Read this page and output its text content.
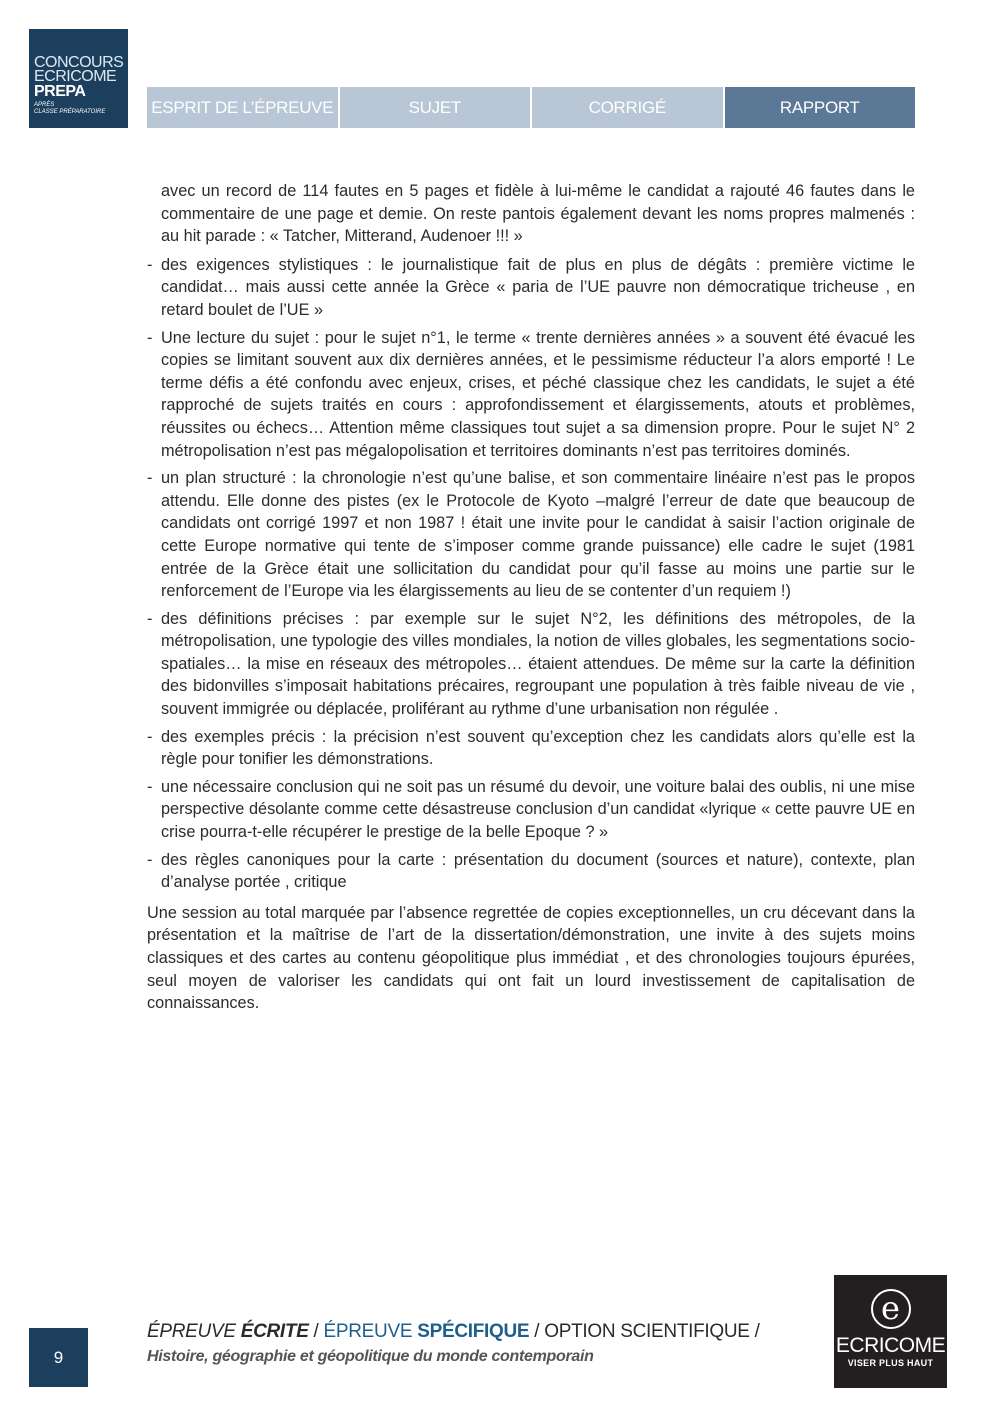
CONCOURS
ECRICOME
PREPA
APRÈS
CLASSE PRÉPARATOIRE	ESPRIT DE L’ÉPREUVE	SUJET	CORRIGÉ	RAPPORT

avec un record de 114 fautes en 5 pages et fidèle à lui-même le candidat a rajouté 46 fautes dans le commentaire de une page et demie. On reste pantois également devant les noms propres malmenés : au hit parade : « Tatcher, Mitterand, Audenoer !!! »

- des exigences stylistiques : le journalistique fait de plus en plus de dégâts : première victime le candidat… mais aussi cette année la Grèce « paria de l’UE pauvre non démocratique tricheuse , en retard boulet de l’UE »
- Une lecture du sujet : pour le sujet n°1, le terme « trente dernières années » a souvent été évacué les copies se limitant souvent aux dix dernières années, et le pessimisme réducteur l’a alors emporté ! Le terme défis a été confondu avec enjeux, crises, et péché classique chez les candidats, le sujet a été rapproché de sujets traités en cours : approfondissement et élargissements, atouts et problèmes, réussites ou échecs… Attention même classiques tout sujet a sa dimension propre. Pour le sujet N° 2 métropolisation n’est pas mégalopolisation et territoires dominants n’est pas territoires dominés.
- un plan structuré : la chronologie n’est qu’une balise, et son commentaire linéaire n’est pas le propos attendu. Elle donne des pistes (ex le Protocole de Kyoto –malgré l’erreur de date que beaucoup de candidats ont corrigé 1997 et non 1987 ! était une invite pour le candidat à saisir l’action originale de cette Europe normative qui tente de s’imposer comme grande puissance) elle cadre le sujet (1981 entrée de la Grèce était une sollicitation du candidat pour qu’il fasse au moins une partie sur le renforcement de l’Europe via les élargissements au lieu de se contenter d’un requiem !)
- des définitions précises : par exemple sur le sujet N°2, les définitions des métropoles, de la métropolisation, une typologie des villes mondiales, la notion de villes globales, les segmentations socio-spatiales… la mise en réseaux des métropoles… étaient attendues. De même sur la carte la définition des bidonvilles s’imposait habitations précaires, regroupant une population à très faible niveau de vie , souvent immigrée ou déplacée, proliférant au rythme d’une urbanisation non régulée .
- des exemples précis : la précision n’est souvent qu’exception chez les candidats alors qu’elle est la règle pour tonifier les démonstrations.
- une nécessaire conclusion qui ne soit pas un résumé du devoir, une voiture balai des oublis, ni une mise perspective désolante comme cette désastreuse conclusion d’un candidat «lyrique « cette pauvre UE en crise pourra-t-elle récupérer le prestige de la belle Epoque ? »
- des règles canoniques pour la carte : présentation du document (sources et nature), contexte, plan d’analyse portée , critique

Une session au total marquée par l’absence regrettée de copies exceptionnelles, un cru décevant dans la présentation et la maîtrise de l’art de la dissertation/démonstration, une invite à des sujets moins classiques et des cartes au contenu géopolitique plus immédiat , et des chronologies toujours épurées, seul moyen de valoriser les candidats qui ont fait un lourd investissement de capitalisation de connaissances.

9
ÉPREUVE ÉCRITE / ÉPREUVE SPÉCIFIQUE / OPTION SCIENTIFIQUE /
Histoire, géographie et géopolitique du monde contemporain
e
ECRICOME
VISER PLUS HAUT
